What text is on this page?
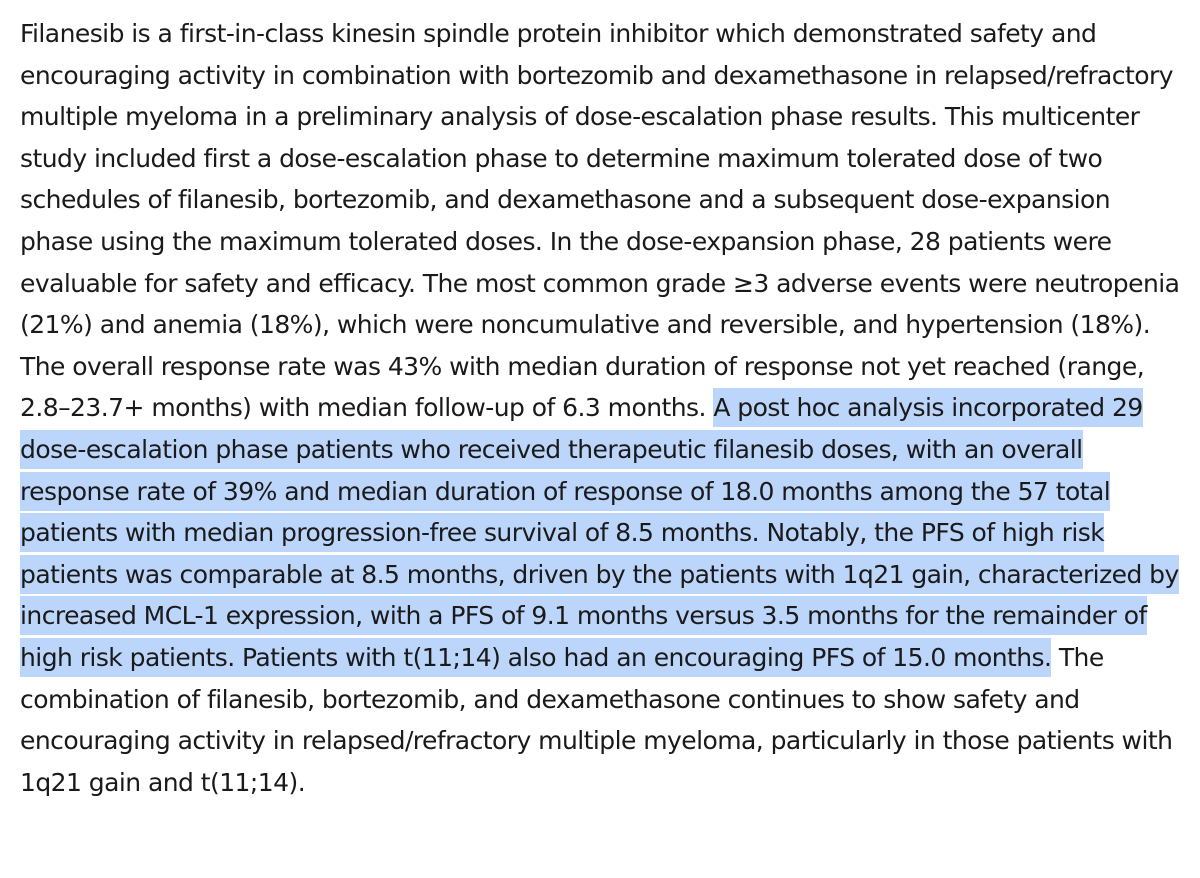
Filanesib is a first-in-class kinesin spindle protein inhibitor which demonstrated safety and encouraging activity in combination with bortezomib and dexamethasone in relapsed/refractory multiple myeloma in a preliminary analysis of dose-escalation phase results. This multicenter study included first a dose-escalation phase to determine maximum tolerated dose of two schedules of filanesib, bortezomib, and dexamethasone and a subsequent dose-expansion phase using the maximum tolerated doses. In the dose-expansion phase, 28 patients were evaluable for safety and efficacy. The most common grade ≥3 adverse events were neutropenia (21%) and anemia (18%), which were noncumulative and reversible, and hypertension (18%). The overall response rate was 43% with median duration of response not yet reached (range, 2.8–23.7+ months) with median follow-up of 6.3 months. A post hoc analysis incorporated 29 dose-escalation phase patients who received therapeutic filanesib doses, with an overall response rate of 39% and median duration of response of 18.0 months among the 57 total patients with median progression-free survival of 8.5 months. Notably, the PFS of high risk patients was comparable at 8.5 months, driven by the patients with 1q21 gain, characterized by increased MCL-1 expression, with a PFS of 9.1 months versus 3.5 months for the remainder of high risk patients. Patients with t(11;14) also had an encouraging PFS of 15.0 months. The combination of filanesib, bortezomib, and dexamethasone continues to show safety and encouraging activity in relapsed/refractory multiple myeloma, particularly in those patients with 1q21 gain and t(11;14).
